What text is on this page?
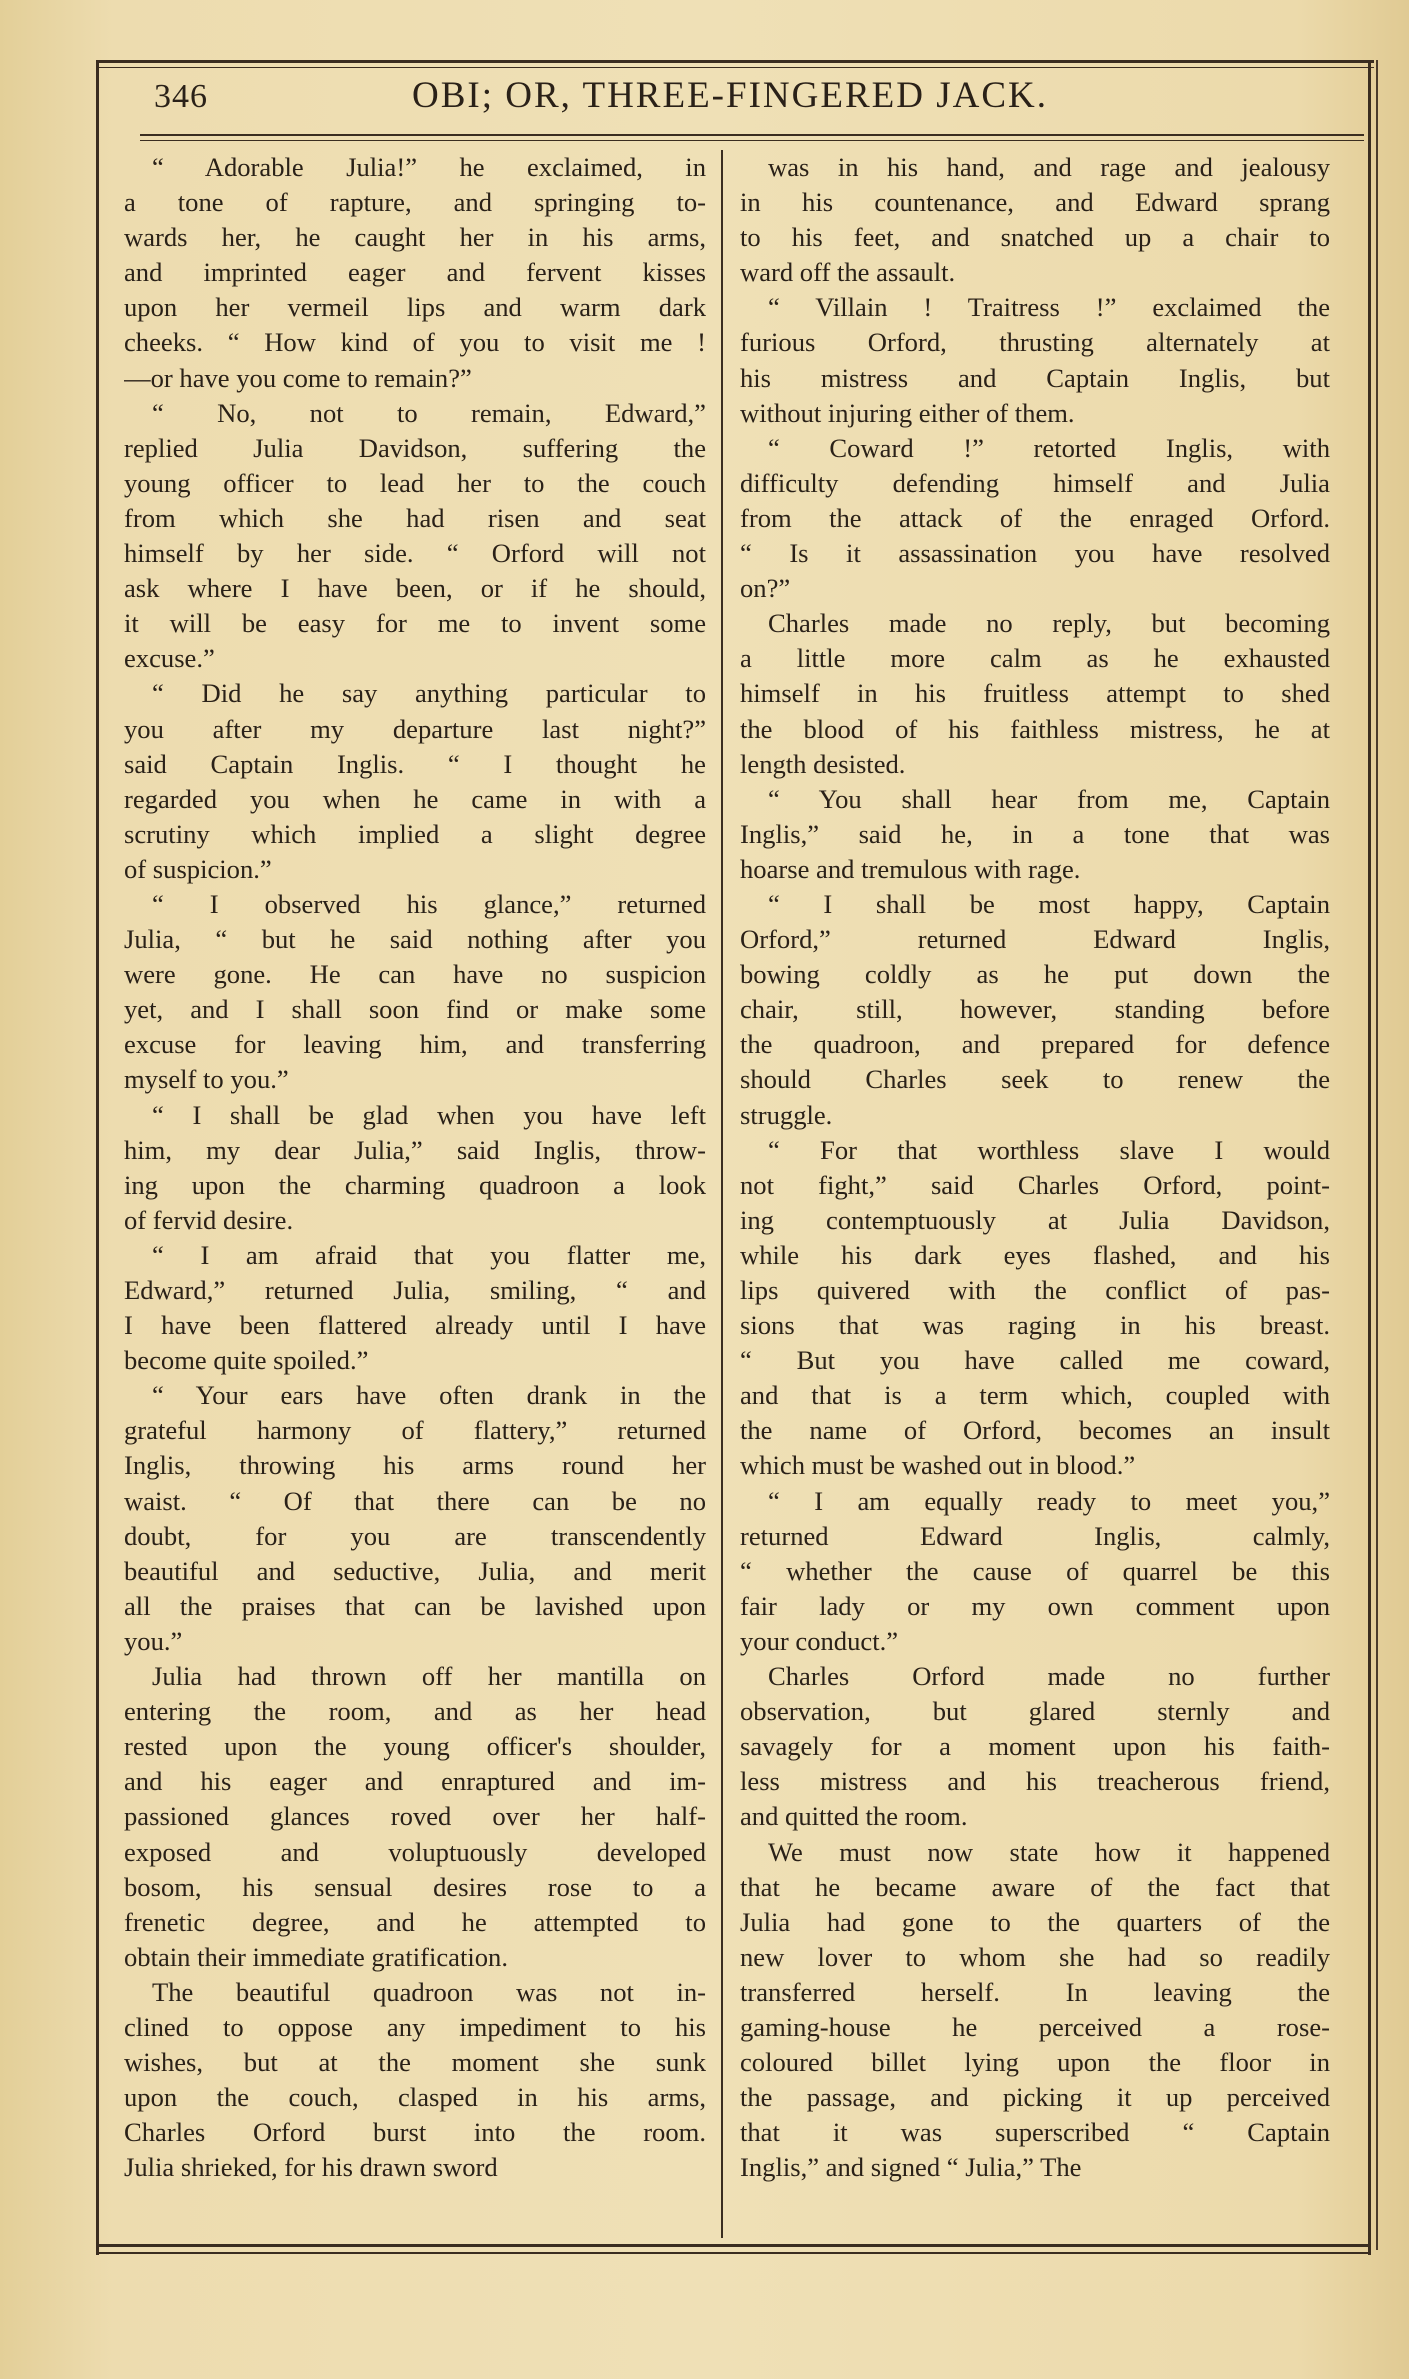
346	OBI; OR, THREE-FINGERED JACK.

“ Adorable Julia!” he exclaimed, in
a tone of rapture, and springing to-
wards her, he caught her in his arms,
and imprinted eager and fervent kisses
upon her vermeil lips and warm dark
cheeks. “ How kind of you to visit me !
—or have you come to remain?”

“ No, not to remain, Edward,”
replied Julia Davidson, suffering the
young officer to lead her to the couch
from which she had risen and seat
himself by her side. “ Orford will not
ask where I have been, or if he should,
it will be easy for me to invent some
excuse.”

“ Did he say anything particular to
you after my departure last night?”
said Captain Inglis. “ I thought he
regarded you when he came in with a
scrutiny which implied a slight degree
of suspicion.”

“ I observed his glance,” returned
Julia, “ but he said nothing after you
were gone. He can have no suspicion
yet, and I shall soon find or make some
excuse for leaving him, and transferring
myself to you.”

“ I shall be glad when you have left
him, my dear Julia,” said Inglis, throw-
ing upon the charming quadroon a look
of fervid desire.

“ I am afraid that you flatter me,
Edward,” returned Julia, smiling, “ and
I have been flattered already until I have
become quite spoiled.”

“ Your ears have often drank in the
grateful harmony of flattery,” returned
Inglis, throwing his arms round her
waist. “ Of that there can be no
doubt, for you are transcendently
beautiful and seductive, Julia, and merit
all the praises that can be lavished upon
you.”

Julia had thrown off her mantilla on
entering the room, and as her head
rested upon the young officer's shoulder,
and his eager and enraptured and im-
passioned glances roved over her half-
exposed and voluptuously developed
bosom, his sensual desires rose to a
frenetic degree, and he attempted to
obtain their immediate gratification.

The beautiful quadroon was not in-
clined to oppose any impediment to his
wishes, but at the moment she sunk
upon the couch, clasped in his arms,
Charles Orford burst into the room.
Julia shrieked, for his drawn sword

was in his hand, and rage and jealousy
in his countenance, and Edward sprang
to his feet, and snatched up a chair to
ward off the assault.

“ Villain ! Traitress !” exclaimed the
furious Orford, thrusting alternately at
his mistress and Captain Inglis, but
without injuring either of them.

“ Coward !” retorted Inglis, with
difficulty defending himself and Julia
from the attack of the enraged Orford.
“ Is it assassination you have resolved
on?”

Charles made no reply, but becoming
a little more calm as he exhausted
himself in his fruitless attempt to shed
the blood of his faithless mistress, he at
length desisted.

“ You shall hear from me, Captain
Inglis,” said he, in a tone that was
hoarse and tremulous with rage.

“ I shall be most happy, Captain
Orford,” returned Edward Inglis,
bowing coldly as he put down the
chair, still, however, standing before
the quadroon, and prepared for defence
should Charles seek to renew the
struggle.

“ For that worthless slave I would
not fight,” said Charles Orford, point-
ing contemptuously at Julia Davidson,
while his dark eyes flashed, and his
lips quivered with the conflict of pas-
sions that was raging in his breast.
“ But you have called me coward,
and that is a term which, coupled with
the name of Orford, becomes an insult
which must be washed out in blood.”

“ I am equally ready to meet you,”
returned Edward Inglis, calmly,
“ whether the cause of quarrel be this
fair lady or my own comment upon
your conduct.”

Charles Orford made no further
observation, but glared sternly and
savagely for a moment upon his faith-
less mistress and his treacherous friend,
and quitted the room.

We must now state how it happened
that he became aware of the fact that
Julia had gone to the quarters of the
new lover to whom she had so readily
transferred herself. In leaving the
gaming-house he perceived a rose-
coloured billet lying upon the floor in
the passage, and picking it up perceived
that it was superscribed “ Captain
Inglis,” and signed “ Julia,” The
